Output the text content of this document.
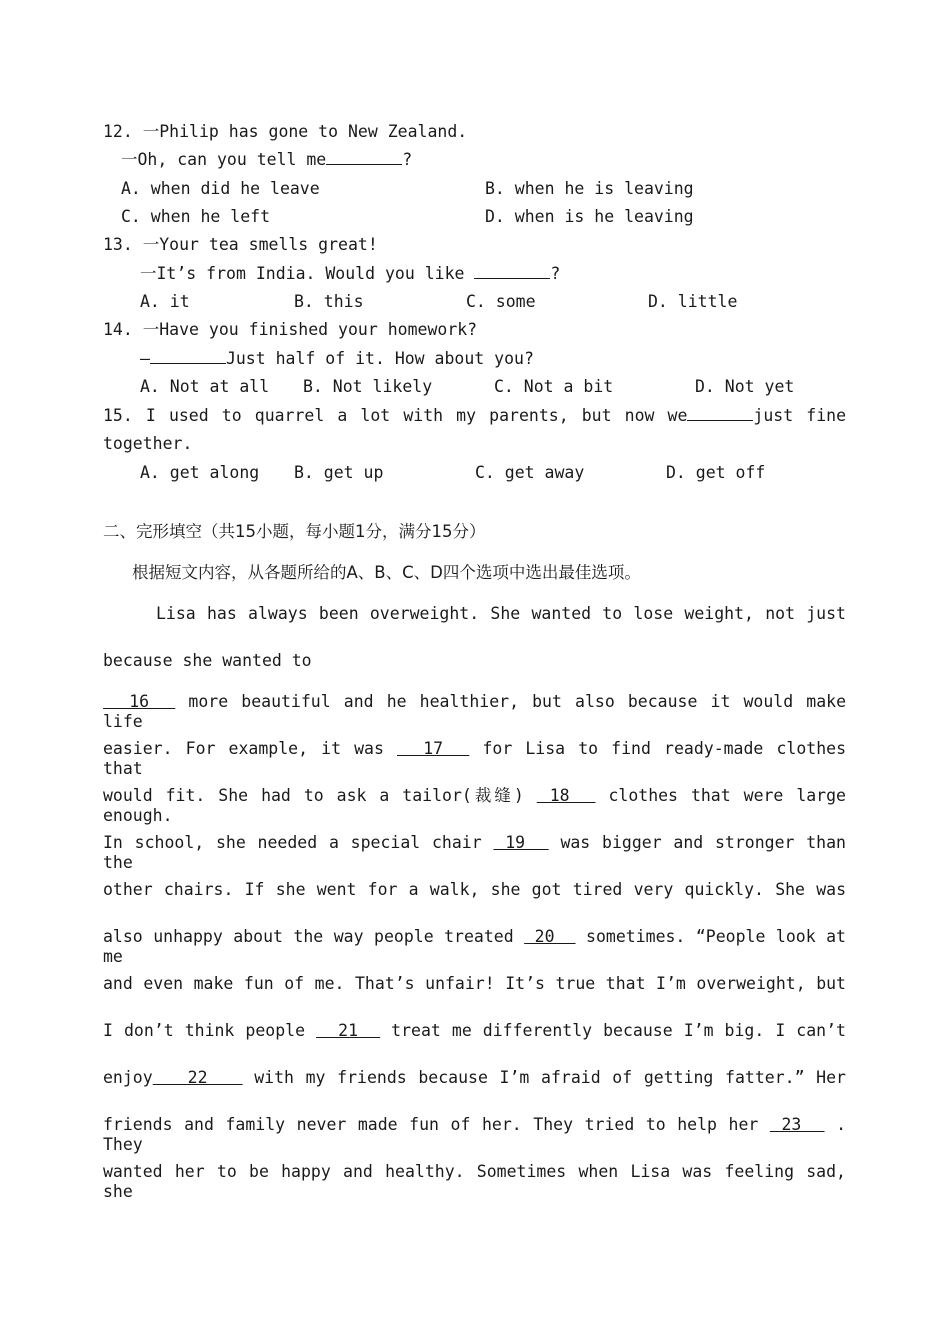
12. 一Philip has gone to New Zealand.
一Oh, can you tell me	?
A. when did he leave	B. when he is leaving
C. when he left	D. when is he leaving
13. 一Your tea smells great!
一It’s from India. Would you like	?
A. it	B. this	C. some	D. little
14. 一Have you finished your homework?
—	Just half of it. How about you?
A. Not at all B. Not likely	C. Not a bit	D. Not yet
15. I used to quarrel a lot with my parents, but now we	just fine
together.
A. get along B. get up	C. get away	D. get off
二、完形填空（共15小题，每小题1分，满分15分）
根据短文内容，从各题所给的A、B、C、D四个选项中选出最佳选项。
Lisa has always been overweight. She wanted to lose weight, not just
because she wanted to
16   more beautiful and he healthier, but also because it would make life
easier. For example, it was   17   for Lisa to find ready-made clothes that
would fit. She had to ask a tailor(裁缝)  18   clothes that were large enough.
In school, she needed a special chair  19   was bigger and stronger than the
other chairs. If she went for a walk, she got tired very quickly. She was
also unhappy about the way people treated  20   sometimes. “People look at me
and even make fun of me. That’s unfair! It’s true that I’m overweight, but
I don’t think people   21   treat me differently because I’m big. I can’t
enjoy   22    with my friends because I’m afraid of getting fatter.” Her
friends and family never made fun of her. They tried to help her  23   . They
wanted her to be happy and healthy. Sometimes when Lisa was feeling sad, she
